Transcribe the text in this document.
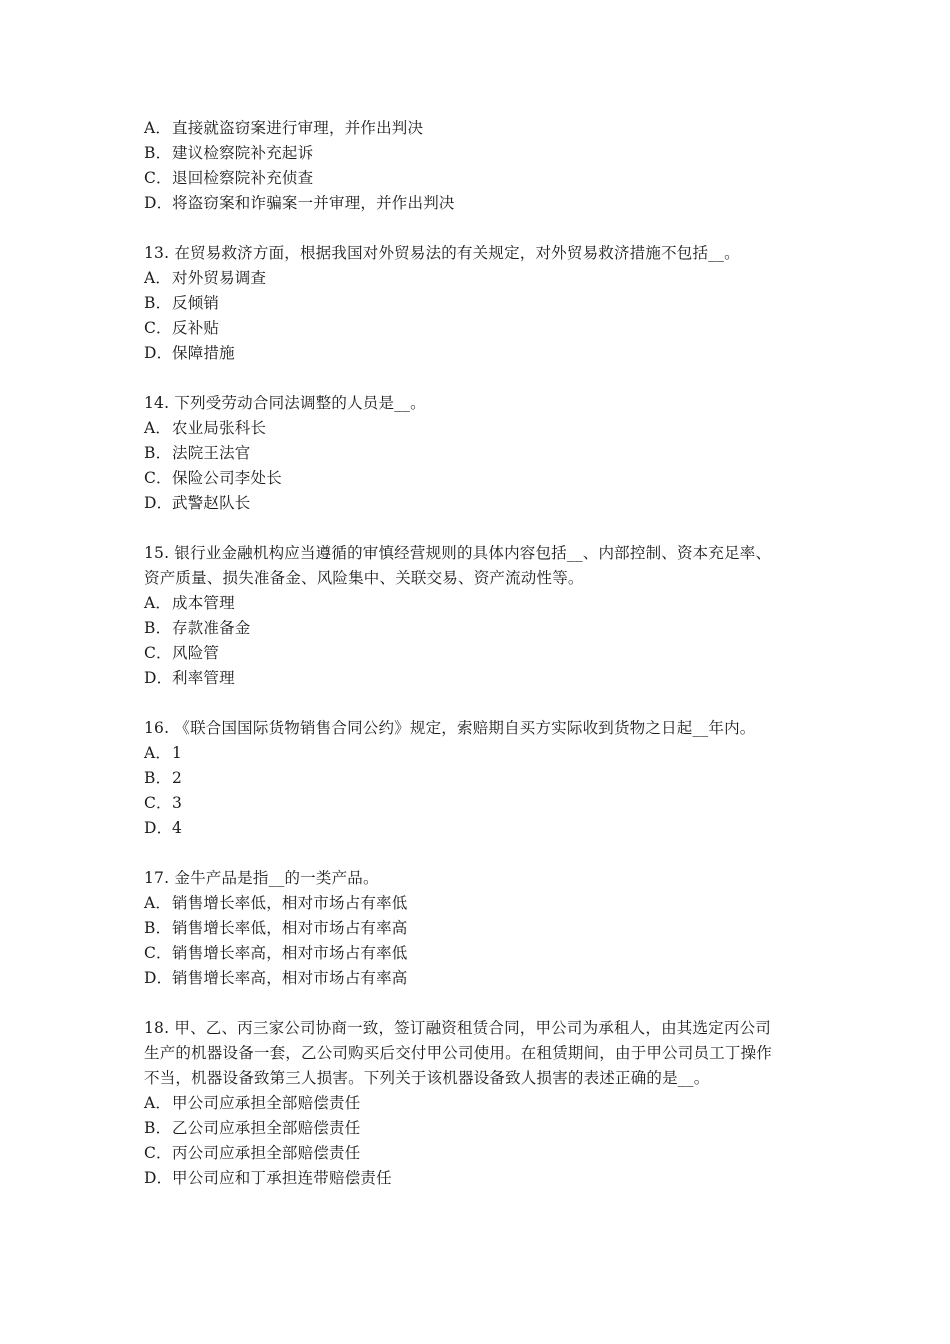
A．直接就盗窃案进行审理，并作出判决
B．建议检察院补充起诉
C．退回检察院补充侦查
D．将盗窃案和诈骗案一并审理，并作出判决
13. 在贸易救济方面，根据我国对外贸易法的有关规定，对外贸易救济措施不包括__。
A．对外贸易调查
B．反倾销
C．反补贴
D．保障措施
14. 下列受劳动合同法调整的人员是__。
A．农业局张科长
B．法院王法官
C．保险公司李处长
D．武警赵队长
15. 银行业金融机构应当遵循的审慎经营规则的具体内容包括__、内部控制、资本充足率、
资产质量、损失准备金、风险集中、关联交易、资产流动性等。
A．成本管理
B．存款准备金
C．风险管
D．利率管理
16. 《联合国国际货物销售合同公约》规定，索赔期自买方实际收到货物之日起__年内。
A．1
B．2
C．3
D．4
17. 金牛产品是指__的一类产品。
A．销售增长率低，相对市场占有率低
B．销售增长率低，相对市场占有率高
C．销售增长率高，相对市场占有率低
D．销售增长率高，相对市场占有率高
18. 甲、乙、丙三家公司协商一致，签订融资租赁合同，甲公司为承租人，由其选定丙公司
生产的机器设备一套，乙公司购买后交付甲公司使用。在租赁期间，由于甲公司员工丁操作
不当，机器设备致第三人损害。下列关于该机器设备致人损害的表述正确的是__。
A．甲公司应承担全部赔偿责任
B．乙公司应承担全部赔偿责任
C．丙公司应承担全部赔偿责任
D．甲公司应和丁承担连带赔偿责任
